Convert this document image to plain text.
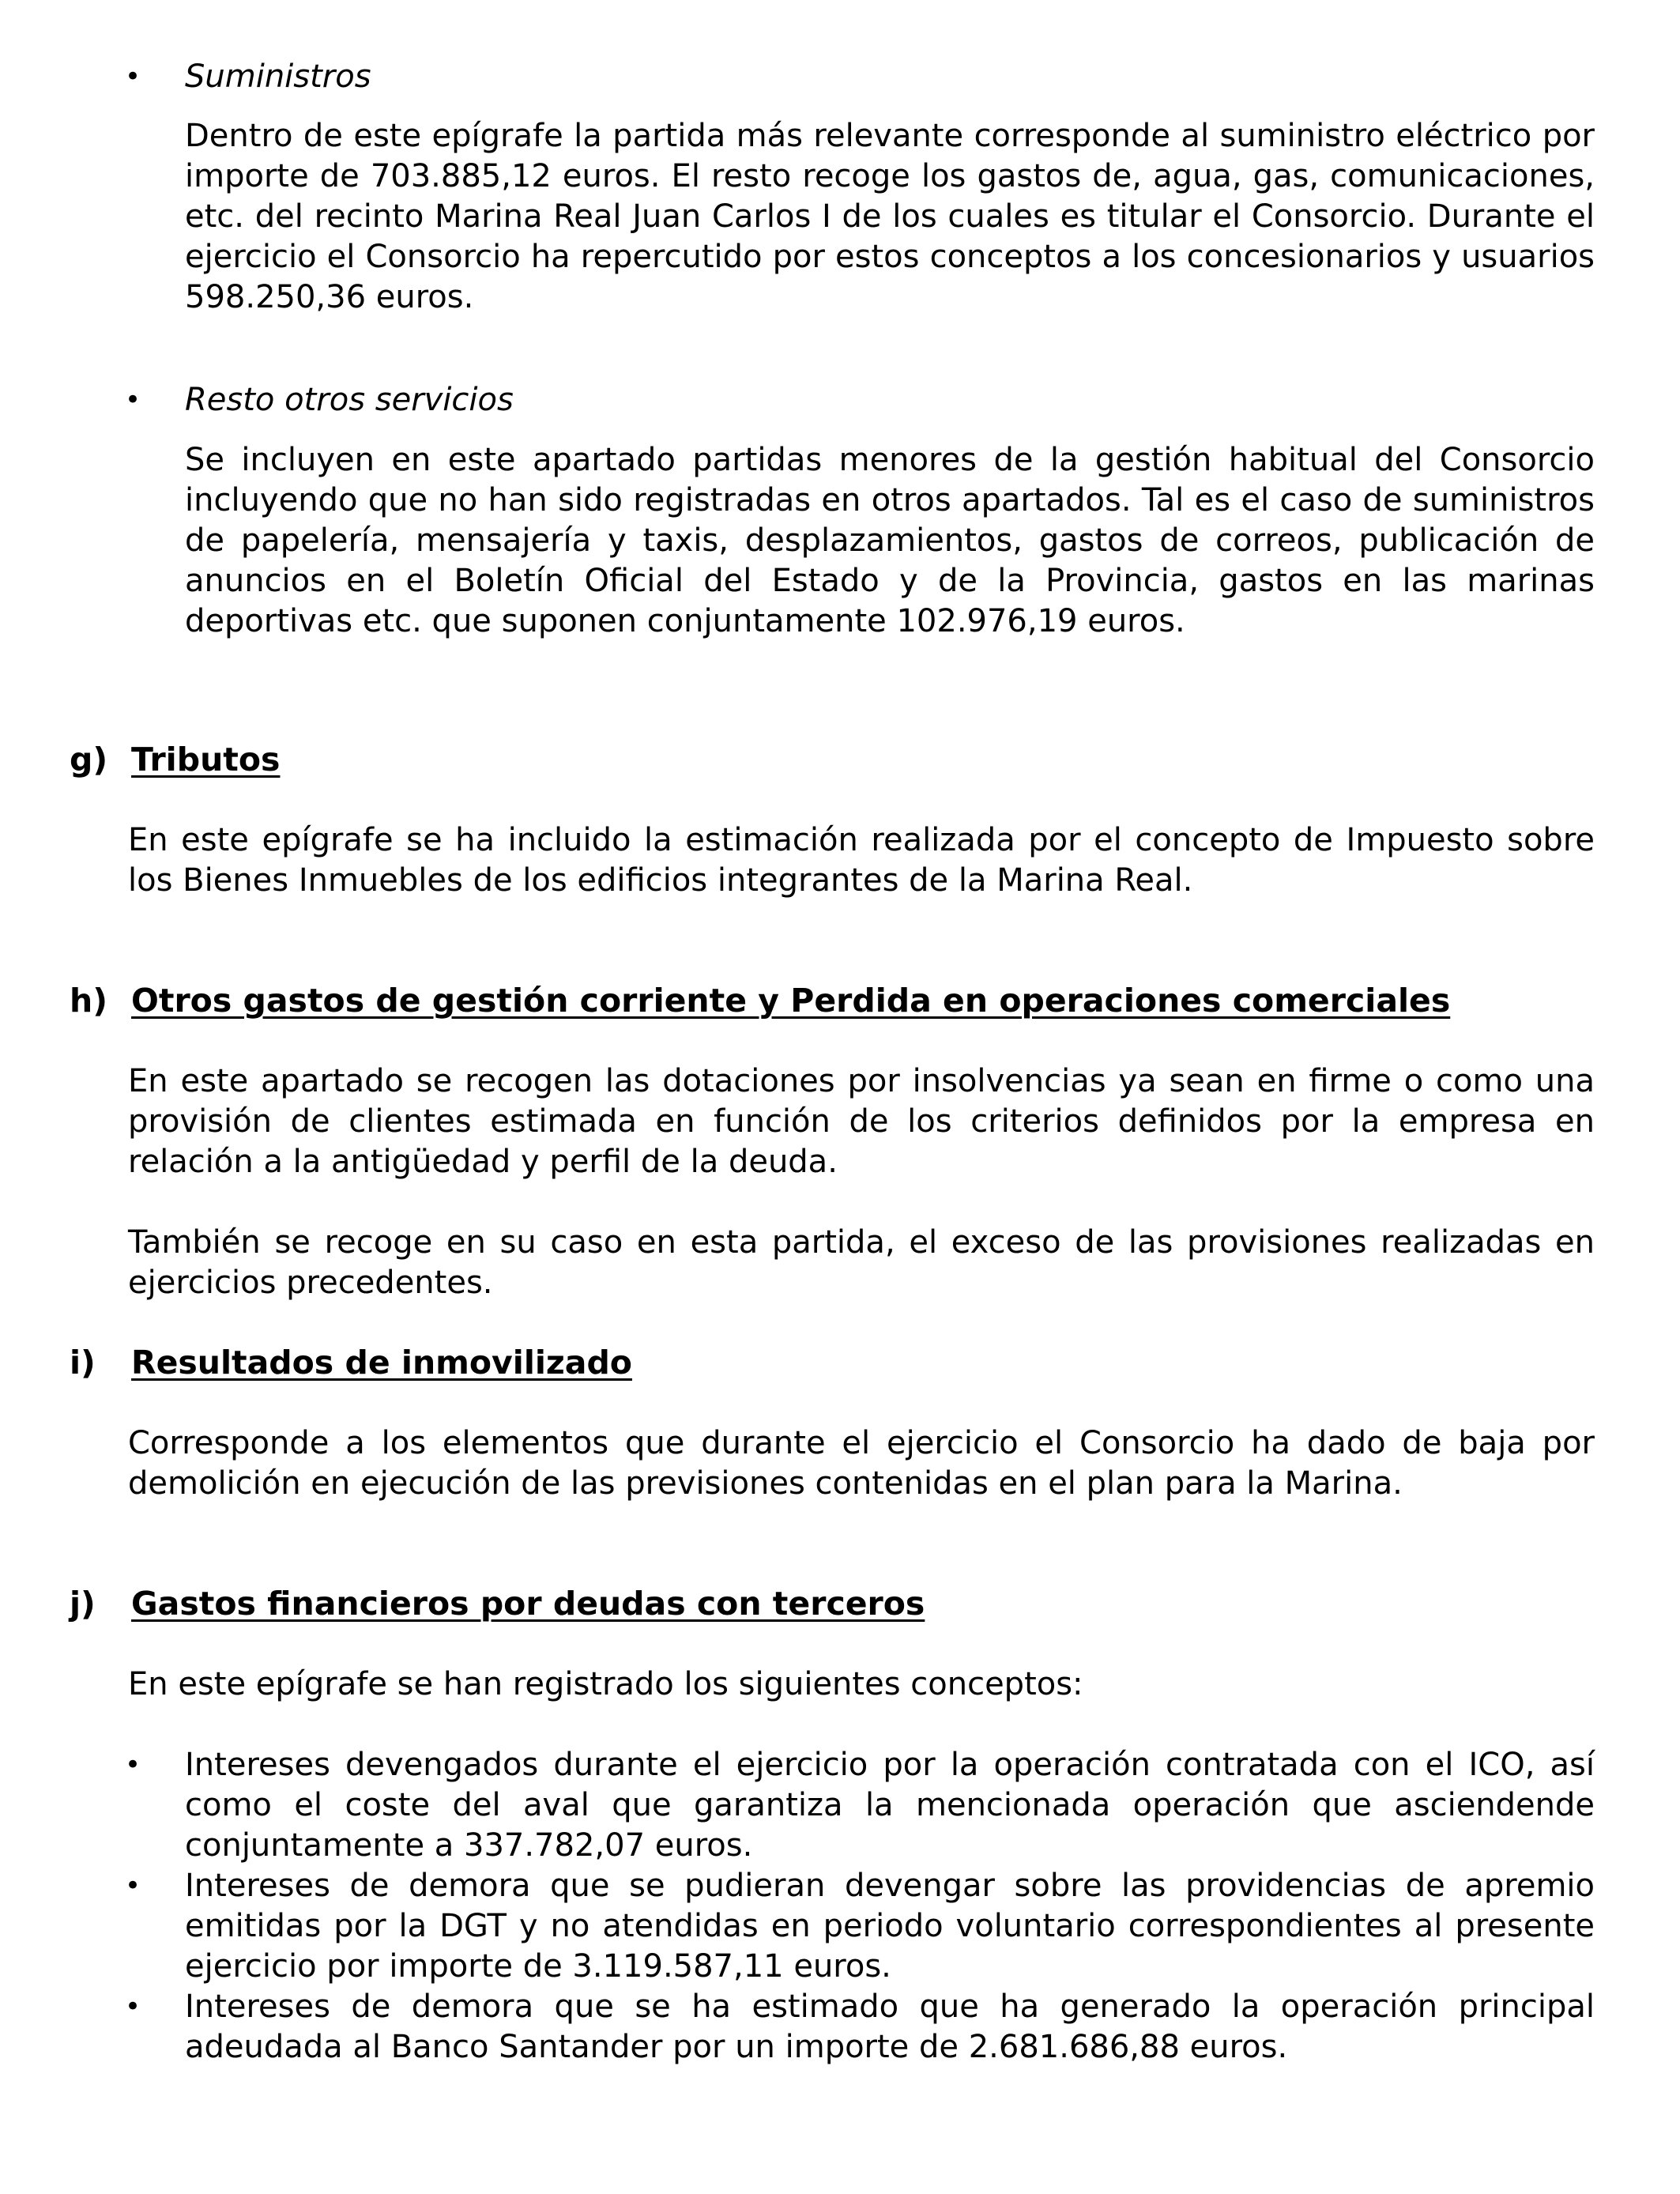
• Suministros
Dentro de este epígrafe la partida más relevante corresponde al suministro eléctrico por importe de 703.885,12 euros. El resto recoge los gastos de, agua, gas, comunicaciones, etc. del recinto Marina Real Juan Carlos I de los cuales es titular el Consorcio. Durante el ejercicio el Consorcio ha repercutido por estos conceptos a los concesionarios y usuarios 598.250,36 euros.
• Resto otros servicios
Se incluyen en este apartado partidas menores de la gestión habitual del Consorcio incluyendo que no han sido registradas en otros apartados. Tal es el caso de suministros de papelería, mensajería y taxis, desplazamientos, gastos de correos, publicación de anuncios en el Boletín Oficial del Estado y de la Provincia, gastos en las marinas deportivas etc. que suponen conjuntamente 102.976,19 euros.
g) Tributos
En este epígrafe se ha incluido la estimación realizada por el concepto de Impuesto sobre los Bienes Inmuebles de los edificios integrantes de la Marina Real.
h) Otros gastos de gestión corriente y Perdida en operaciones comerciales
En este apartado se recogen las dotaciones por insolvencias ya sean en firme o como una provisión de clientes estimada en función de los criterios definidos por la empresa en relación a la antigüedad y perfil de la deuda.
También se recoge en su caso en esta partida, el exceso de las provisiones realizadas en ejercicios precedentes.
i) Resultados de inmovilizado
Corresponde a los elementos que durante el ejercicio el Consorcio ha dado de baja por demolición en ejecución de las previsiones contenidas en el plan para la Marina.
j) Gastos financieros por deudas con terceros
En este epígrafe se han registrado los siguientes conceptos:
• Intereses devengados durante el ejercicio por la operación contratada con el ICO, así como el coste del aval que garantiza la mencionada operación que asciendende conjuntamente a 337.782,07 euros.
• Intereses de demora que se pudieran devengar sobre las providencias de apremio emitidas por la DGT y no atendidas en periodo voluntario correspondientes al presente ejercicio por importe de 3.119.587,11 euros.
• Intereses de demora que se ha estimado que ha generado la operación principal adeudada al Banco Santander por un importe de 2.681.686,88 euros.
